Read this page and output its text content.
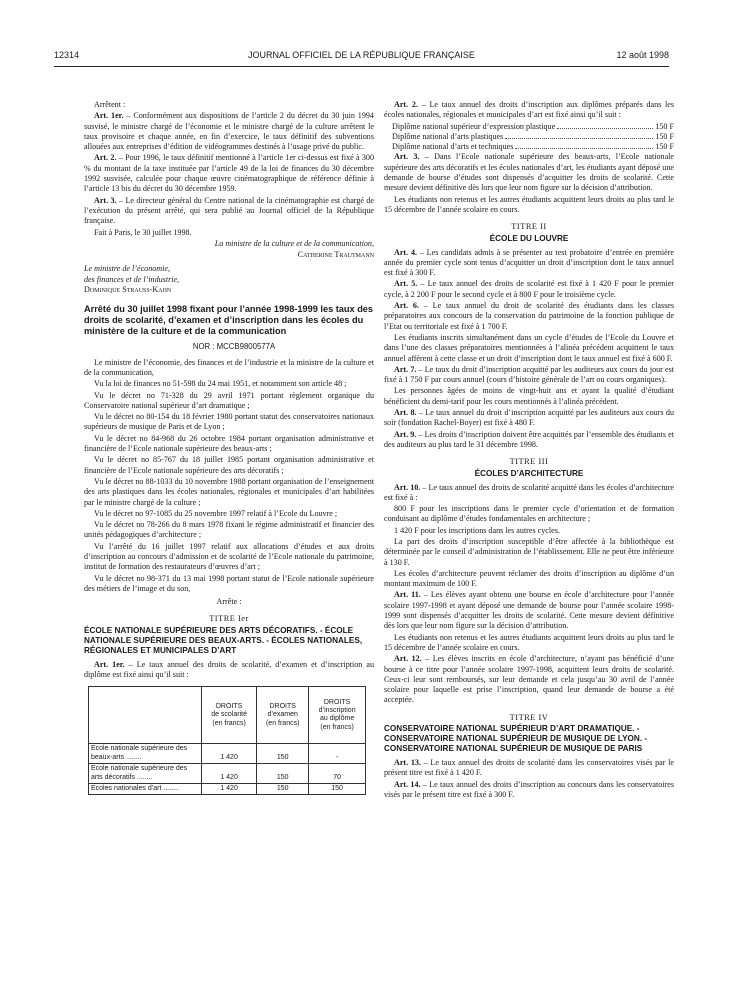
12314	JOURNAL OFFICIEL DE LA RÉPUBLIQUE FRANÇAISE	12 août 1998

Arrêtent :

Art. 1er. – Conformément aux dispositions de l’article 2 du décret du 30 juin 1994 susvisé, le ministre chargé de l’économie et le ministre chargé de la culture arrêtent le taux provisoire et chaque année, en fin d’exercice, le taux définitif des subventions allouées aux entreprises d’édition de vidéogrammes destinés à l’usage privé du public.

Art. 2. – Pour 1996, le taux définitif mentionné à l’article 1er ci-dessus est fixé à 300 % du montant de la taxe instituée par l’article 49 de la loi de finances du 30 décembre 1992 susvisée, calculée pour chaque œuvre cinématographique de référence définie à l’article 13 bis du décret du 30 décembre 1959.

Art. 3. – Le directeur général du Centre national de la cinématographie est chargé de l’exécution du présent arrêté, qui sera publié au Journal officiel de la République française.

Fait à Paris, le 30 juillet 1998.

La ministre de la culture et de la communication,
Catherine Trautmann
Le ministre de l’économie,
des finances et de l’industrie,
Dominique Strauss-Kahn

Arrêté du 30 juillet 1998 fixant pour l’année 1998-1999 les taux des droits de scolarité, d’examen et d’inscription dans les écoles du ministère de la culture et de la communication

NOR : MCCB9800577A

Le ministre de l’économie, des finances et de l’industrie et la ministre de la culture et de la communication,

Vu la loi de finances no 51-598 du 24 mai 1951, et notamment son article 48 ;

Vu le décret no 71-328 du 29 avril 1971 portant règlement organique du Conservatoire national supérieur d’art dramatique ;

Vu le décret no 80-154 du 18 février 1980 portant statut des conservatoires nationaux supérieurs de musique de Paris et de Lyon ;

Vu le décret no 84-968 du 26 octobre 1984 portant organisation administrative et financière de l’Ecole nationale supérieure des beaux-arts ;

Vu le décret no 85-767 du 18 juillet 1985 portant organisation administrative et financière de l’Ecole nationale supérieure des arts décoratifs ;

Vu le décret no 88-1033 du 10 novembre 1988 portant organisation de l’enseignement des arts plastiques dans les écoles nationales, régionales et municipales d’art habilitées par le ministre chargé de la culture ;

Vu le décret no 97-1085 du 25 novembre 1997 relatif à l’Ecole du Louvre ;

Vu le décret no 78-266 du 8 mars 1978 fixant le régime administratif et financier des unités pédagogiques d’architecture ;

Vu l’arrêté du 16 juillet 1997 relatif aux allocations d’études et aux droits d’inscription au concours d’admission et de scolarité de l’Ecole nationale du patrimoine, institut de formation des restaurateurs d’œuvres d’art ;

Vu le décret no 98-371 du 13 mai 1998 portant statut de l’Ecole nationale supérieure des métiers de l’image et du son,

Arrête :

TITRE Ier
ÉCOLE NATIONALE SUPÉRIEURE DES ARTS DÉCORATIFS. - ÉCOLE NATIONALE SUPÉRIEURE DES BEAUX-ARTS. - ÉCOLES NATIONALES, RÉGIONALES ET MUNICIPALES D’ART

Art. 1er. – Le taux annuel des droits de scolarité, d’examen et d’inscription au diplôme est fixé ainsi qu’il suit :

	DROITS
de scolarité
(en francs)	DROITS
d’examen
(en francs)	DROITS
d’inscription
au diplôme
(en francs)
Ecole nationale supérieure des beaux-arts ........	1 420	150	-
Ecole nationale supérieure des arts décoratifs ........	1 420	150	70
Ecoles nationales d’art ........	1 420	150	150

Art. 2. – Le taux annuel des droits d’inscription aux diplômes préparés dans les écoles nationales, régionales et municipales d’art est fixé ainsi qu’il suit :

Diplôme national supérieur d’expression plastique	150 F
Diplôme national d’arts plastiques	150 F
Diplôme national d’arts et techniques	150 F

Art. 3. – Dans l’Ecole nationale supérieure des beaux-arts, l’Ecole nationale supérieure des arts décoratifs et les écoles nationales d’art, les étudiants ayant déposé une demande de bourse d’études sont dispensés d’acquitter les droits de scolarité. Cette mesure devient définitive dès lors que leur nom figure sur la décision d’attribution.

Les étudiants non retenus et les autres étudiants acquittent leurs droits au plus tard le 15 décembre de l’année scolaire en cours.

TITRE II
ÉCOLE DU LOUVRE

Art. 4. – Les candidats admis à se présenter au test probatoire d’entrée en première année du premier cycle sont tenus d’acquitter un droit d’inscription dont le taux annuel est fixé à 300 F.

Art. 5. – Le taux annuel des droits de scolarité est fixé à 1 420 F pour le premier cycle, à 2 200 F pour le second cycle et à 800 F pour le troisième cycle.

Art. 6. – Le taux annuel du droit de scolarité des étudiants dans les classes préparatoires aux concours de la conservation du patrimoine de la fonction publique de l’Etat ou territoriale est fixé à 1 700 F.

Les étudiants inscrits simultanément dans un cycle d’études de l’Ecole du Louvre et dans l’une des classes préparatoires mentionnées à l’alinéa précédent acquittent le taux annuel afférent à cette classe et un droit d’inscription dont le taux annuel est fixé à 600 F.

Art. 7. – Le taux du droit d’inscription acquitté par les auditeurs aux cours du jour est fixé à 1 750 F par cours annuel (cours d’histoire générale de l’art ou cours organiques).

Les personnes âgées de moins de vingt-huit ans et ayant la qualité d’étudiant bénéficient du demi-tarif pour les cours mentionnés à l’alinéa précédent.

Art. 8. – Le taux annuel du droit d’inscription acquitté par les auditeurs aux cours du soir (fondation Rachel-Boyer) est fixé à 480 F.

Art. 9. – Les droits d’inscription doivent être acquittés par l’ensemble des étudiants et des auditeurs au plus tard le 31 décembre 1998.

TITRE III
ÉCOLES D’ARCHITECTURE

Art. 10. – Le taux annuel des droits de scolarité acquitté dans les écoles d’architecture est fixé à :

800 F pour les inscriptions dans le premier cycle d’orientation et de formation conduisant au diplôme d’études fondamentales en architecture ;

1 420 F pour les inscriptions dans les autres cycles.

La part des droits d’inscription susceptible d’être affectée à la bibliothèque est déterminée par le conseil d’administration de l’établissement. Elle ne peut être inférieure à 130 F.

Les écoles d’architecture peuvent réclamer des droits d’inscription au diplôme d’un montant maximum de 100 F.

Art. 11. – Les élèves ayant obtenu une bourse en école d’architecture pour l’année scolaire 1997-1998 et ayant déposé une demande de bourse pour l’année scolaire 1998-1999 sont dispensés d’acquitter les droits de scolarité. Cette mesure devient définitive dès lors que leur nom figure sur la décision d’attribution.

Les étudiants non retenus et les autres étudiants acquittent leurs droits au plus tard le 15 décembre de l’année scolaire en cours.

Art. 12. – Les élèves inscrits en école d’architecture, n’ayant pas bénéficié d’une bourse à ce titre pour l’année scolaire 1997-1998, acquittent leurs droits de scolarité. Ceux-ci leur sont remboursés, sur leur demande et cela jusqu’au 30 avril de l’année scolaire pour laquelle est prise l’inscription, quand leur demande de bourse a été acceptée.

TITRE IV
CONSERVATOIRE NATIONAL SUPÉRIEUR D’ART DRAMATIQUE. - CONSERVATOIRE NATIONAL SUPÉRIEUR DE MUSIQUE DE LYON. - CONSERVATOIRE NATIONAL SUPÉRIEUR DE MUSIQUE DE PARIS

Art. 13. – Le taux annuel des droits de scolarité dans les conservatoires visés par le présent titre est fixé à 1 420 F.

Art. 14. – Le taux annuel des droits d’inscription au concours dans les conservatoires visés par le présent titre est fixé à 300 F.
